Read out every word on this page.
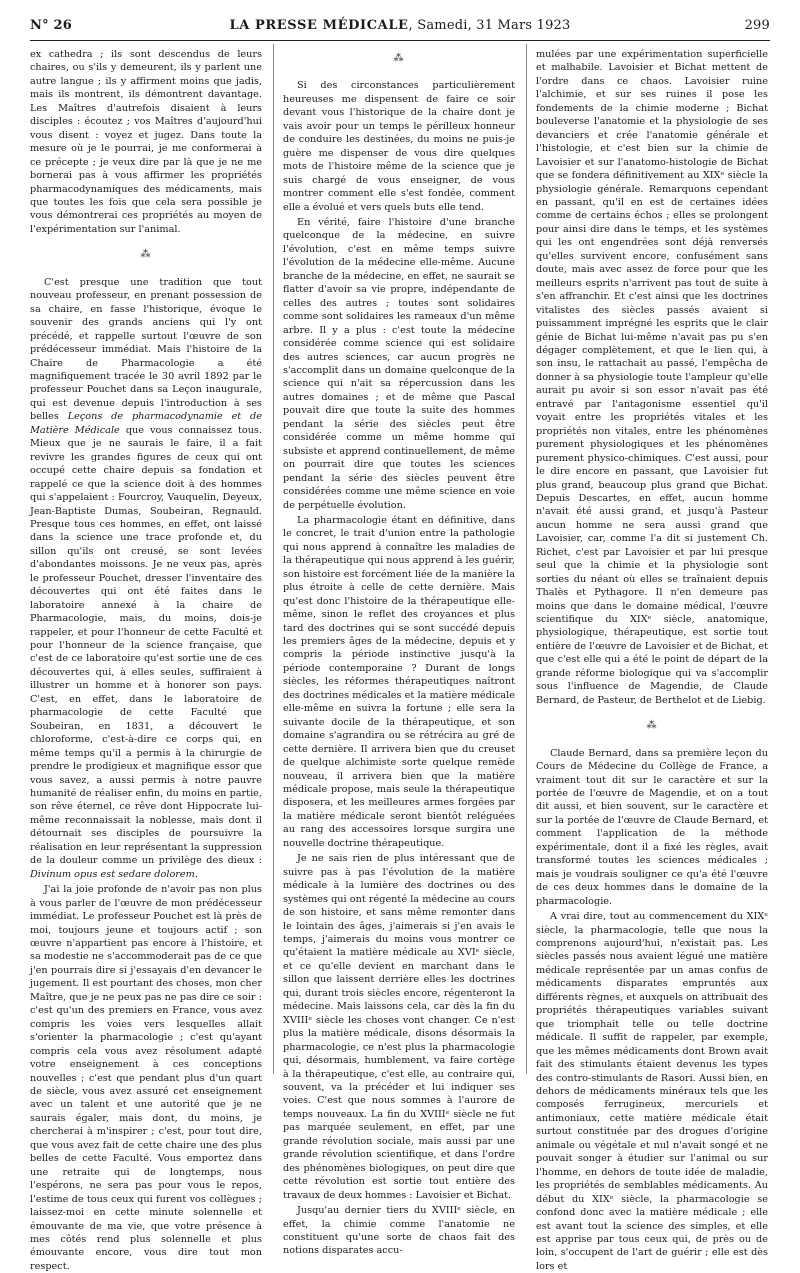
N° 26	LA PRESSE MÉDICALE, Samedi, 31 Mars 1923	299

ex cathedra ; ils sont descendus de leurs chaires, ou s'ils y demeurent, ils y parlent une autre langue ; ils y affirment moins que jadis, mais ils montrent, ils démontrent davantage. Les Maîtres d'autrefois disaient à leurs disciples : écoutez ; vos Maîtres d'aujourd'hui vous disent : voyez et jugez. Dans toute la mesure où je le pourrai, je me conformerai à ce précepte ; je veux dire par là que je ne me bornerai pas à vous affirmer les propriétés pharmacodynamiques des médicaments, mais que toutes les fois que cela sera possible je vous démontrerai ces propriétés au moyen de l'expérimentation sur l'animal.

⁂

C'est presque une tradition que tout nouveau professeur, en prenant possession de sa chaire, en fasse l'historique, évoque le souvenir des grands anciens qui l'y ont précédé, et rappelle surtout l'œuvre de son prédécesseur immédiat. Mais l'histoire de la Chaire de Pharmacologie a été magnifiquement tracée le 30 avril 1892 par le professeur Pouchet dans sa Leçon inaugurale, qui est devenue depuis l'introduction à ses belles Leçons de pharmacodynamie et de Matière Médicale que vous connaissez tous. Mieux que je ne saurais le faire, il a fait revivre les grandes figures de ceux qui ont occupé cette chaire depuis sa fondation et rappelé ce que la science doit à des hommes qui s'appelaient : Fourcroy, Vauquelin, Deyeux, Jean-Baptiste Dumas, Soubeiran, Regnauld. Presque tous ces hommes, en effet, ont laissé dans la science une trace profonde et, du sillon qu'ils ont creusé, se sont levées d'abondantes moissons. Je ne veux pas, après le professeur Pouchet, dresser l'inventaire des découvertes qui ont été faites dans le laboratoire annexé à la chaire de Pharmacologie, mais, du moins, dois-je rappeler, et pour l'honneur de cette Faculté et pour l'honneur de la science française, que c'est de ce laboratoire qu'est sortie une de ces découvertes qui, à elles seules, suffiraient à illustrer un homme et à honorer son pays. C'est, en effet, dans le laboratoire de pharmacologie de cette Faculté que Soubeiran, en 1831, a découvert le chloroforme, c'est-à-dire ce corps qui, en même temps qu'il a permis à la chirurgie de prendre le prodigieux et magnifique essor que vous savez, a aussi permis à notre pauvre humanité de réaliser enfin, du moins en partie, son rêve éternel, ce rêve dont Hippocrate lui-même reconnaissait la noblesse, mais dont il détournait ses disciples de poursuivre la réalisation en leur représentant la suppression de la douleur comme un privilège des dieux : Divinum opus est sedare dolorem.

J'ai la joie profonde de n'avoir pas non plus à vous parler de l'œuvre de mon prédécesseur immédiat. Le professeur Pouchet est là près de moi, toujours jeune et toujours actif ; son œuvre n'appartient pas encore à l'histoire, et sa modestie ne s'accommoderait pas de ce que j'en pourrais dire si j'essayais d'en devancer le jugement. Il est pourtant des choses, mon cher Maître, que je ne peux pas ne pas dire ce soir : c'est qu'un des premiers en France, vous avez compris les voies vers lesquelles allait s'orienter la pharmacologie ; c'est qu'ayant compris cela vous avez résolument adapté votre enseignement à ces conceptions nouvelles ; c'est que pendant plus d'un quart de siècle, vous avez assuré cet enseignement avec un talent et une autorité que je ne saurais égaler, mais dont, du moins, je chercherai à m'inspirer ; c'est, pour tout dire, que vous avez fait de cette chaire une des plus belles de cette Faculté. Vous emportez dans une retraite qui de longtemps, nous l'espérons, ne sera pas pour vous le repos, l'estime de tous ceux qui furent vos collègues ; laissez-moi en cette minute solennelle et émouvante de ma vie, que votre présence à mes côtés rend plus solennelle et plus émouvante encore, vous dire tout mon respect.

⁂

Si des circonstances particulièrement heureuses me dispensent de faire ce soir devant vous l'historique de la chaire dont je vais avoir pour un temps le périlleux honneur de conduire les destinées, du moins ne puis-je guère me dispenser de vous dire quelques mots de l'histoire même de la science que je suis chargé de vous enseigner, de vous montrer comment elle s'est fondée, comment elle a évolué et vers quels buts elle tend.

En vérité, faire l'histoire d'une branche quelconque de la médecine, en suivre l'évolution, c'est en même temps suivre l'évolution de la médecine elle-même. Aucune branche de la médecine, en effet, ne saurait se flatter d'avoir sa vie propre, indépendante de celles des autres ; toutes sont solidaires comme sont solidaires les rameaux d'un même arbre. Il y a plus : c'est toute la médecine considérée comme science qui est solidaire des autres sciences, car aucun progrès ne s'accomplit dans un domaine quelconque de la science qui n'ait sa répercussion dans les autres domaines ; et de même que Pascal pouvait dire que toute la suite des hommes pendant la série des siècles peut être considérée comme un même homme qui subsiste et apprend continuellement, de même on pourrait dire que toutes les sciences pendant la série des siècles peuvent être considérées comme une même science en voie de perpétuelle évolution.

La pharmacologie étant en définitive, dans le concret, le trait d'union entre la pathologie qui nous apprend à connaître les maladies de la thérapeutique qui nous apprend à les guérir, son histoire est forcément liée de la manière la plus étroite à celle de cette dernière. Mais qu'est donc l'histoire de la thérapeutique elle-même, sinon le reflet des croyances et plus tard des doctrines qui se sont succédé depuis les premiers âges de la médecine, depuis et y compris la période instinctive jusqu'à la période contemporaine ? Durant de longs siècles, les réformes thérapeutiques naîtront des doctrines médicales et la matière médicale elle-même en suivra la fortune ; elle sera la suivante docile de la thérapeutique, et son domaine s'agrandira ou se rétrécira au gré de cette dernière. Il arrivera bien que du creuset de quelque alchimiste sorte quelque remède nouveau, il arrivera bien que la matière médicale propose, mais seule la thérapeutique disposera, et les meilleures armes forgées par la matière médicale seront bientôt reléguées au rang des accessoires lorsque surgira une nouvelle doctrine thérapeutique.

Je ne sais rien de plus intéressant que de suivre pas à pas l'évolution de la matière médicale à la lumière des doctrines ou des systèmes qui ont régenté la médecine au cours de son histoire, et sans même remonter dans le lointain des âges, j'aimerais si j'en avais le temps, j'aimerais du moins vous montrer ce qu'étaient la matière médicale au XVIᵉ siècle, et ce qu'elle devient en marchant dans le sillon que laissent derrière elles les doctrines qui, durant trois siècles encore, régenteront la médecine. Mais laissons cela, car dès la fin du XVIIIᵉ siècle les choses vont changer. Ce n'est plus la matière médicale, disons désormais la pharmacologie, ce n'est plus la pharmacologie qui, désormais, humblement, va faire cortège à la thérapeutique, c'est elle, au contraire qui, souvent, va la précéder et lui indiquer ses voies. C'est que nous sommes à l'aurore de temps nouveaux. La fin du XVIIIᵉ siècle ne fut pas marquée seulement, en effet, par une grande révolution sociale, mais aussi par une grande révolution scientifique, et dans l'ordre des phénomènes biologiques, on peut dire que cette révolution est sortie tout entière des travaux de deux hommes : Lavoisier et Bichat.

Jusqu'au dernier tiers du XVIIIᵉ siècle, en effet, la chimie comme l'anatomie ne constituent qu'une sorte de chaos fait des notions disparates accu-

mulées par une expérimentation superficielle et malhabile. Lavoisier et Bichat mettent de l'ordre dans ce chaos. Lavoisier ruine l'alchimie, et sur ses ruines il pose les fondements de la chimie moderne ; Bichat bouleverse l'anatomie et la physiologie de ses devanciers et crée l'anatomie générale et l'histologie, et c'est bien sur la chimie de Lavoisier et sur l'anatomo-histologie de Bichat que se fondera définitivement au XIXᵉ siècle la physiologie générale. Remarquons cependant en passant, qu'il en est de certaines idées comme de certains échos ; elles se prolongent pour ainsi dire dans le temps, et les systèmes qui les ont engendrées sont déjà renversés qu'elles survivent encore, confusément sans doute, mais avec assez de force pour que les meilleurs esprits n'arrivent pas tout de suite à s'en affranchir. Et c'est ainsi que les doctrines vitalistes des siècles passés avaient si puissamment imprégné les esprits que le clair génie de Bichat lui-même n'avait pas pu s'en dégager complètement, et que le lien qui, à son insu, le rattachait au passé, l'empêcha de donner à sa physiologie toute l'ampleur qu'elle aurait pu avoir si son essor n'avait pas été entravé par l'antagonisme essentiel qu'il voyait entre les propriétés vitales et les propriétés non vitales, entre les phénomènes purement physiologiques et les phénomènes purement physico-chimiques. C'est aussi, pour le dire encore en passant, que Lavoisier fut plus grand, beaucoup plus grand que Bichat. Depuis Descartes, en effet, aucun homme n'avait été aussi grand, et jusqu'à Pasteur aucun homme ne sera aussi grand que Lavoisier, car, comme l'a dit si justement Ch. Richet, c'est par Lavoisier et par lui presque seul que la chimie et la physiologie sont sorties du néant où elles se traînaient depuis Thalès et Pythagore. Il n'en demeure pas moins que dans le domaine médical, l'œuvre scientifique du XIXᵉ siècle, anatomique, physiologique, thérapeutique, est sortie tout entière de l'œuvre de Lavoisier et de Bichat, et que c'est elle qui a été le point de départ de la grande réforme biologique qui va s'accomplir sous l'influence de Magendie, de Claude Bernard, de Pasteur, de Berthelot et de Liebig.

⁂

Claude Bernard, dans sa première leçon du Cours de Médecine du Collège de France, a vraiment tout dit sur le caractère et sur la portée de l'œuvre de Magendie, et on a tout dit aussi, et bien souvent, sur le caractère et sur la portée de l'œuvre de Claude Bernard, et comment l'application de la méthode expérimentale, dont il a fixé les règles, avait transformé toutes les sciences médicales ; mais je voudrais souligner ce qu'a été l'œuvre de ces deux hommes dans le domaine de la pharmacologie.

A vrai dire, tout au commencement du XIXᵉ siècle, la pharmacologie, telle que nous la comprenons aujourd'hui, n'existait pas. Les siècles passés nous avaient légué une matière médicale représentée par un amas confus de médicaments disparates empruntés aux différents règnes, et auxquels on attribuait des propriétés thérapeutiques variables suivant que triomphait telle ou telle doctrine médicale. Il suffit de rappeler, par exemple, que les mêmes médicaments dont Brown avait fait des stimulants étaient devenus les types des contro-stimulants de Rasori. Aussi bien, en dehors de médicaments minéraux tels que les composés ferrugineux, mercuriels et antimoniaux, cette matière médicale était surtout constituée par des drogues d'origine animale ou végétale et nul n'avait songé et ne pouvait songer à étudier sur l'animal ou sur l'homme, en dehors de toute idée de maladie, les propriétés de semblables médicaments. Au début du XIXᵉ siècle, la pharmacologie se confond donc avec la matière médicale ; elle est avant tout la science des simples, et elle est apprise par tous ceux qui, de près ou de loin, s'occupent de l'art de guérir ; elle est dès lors et
